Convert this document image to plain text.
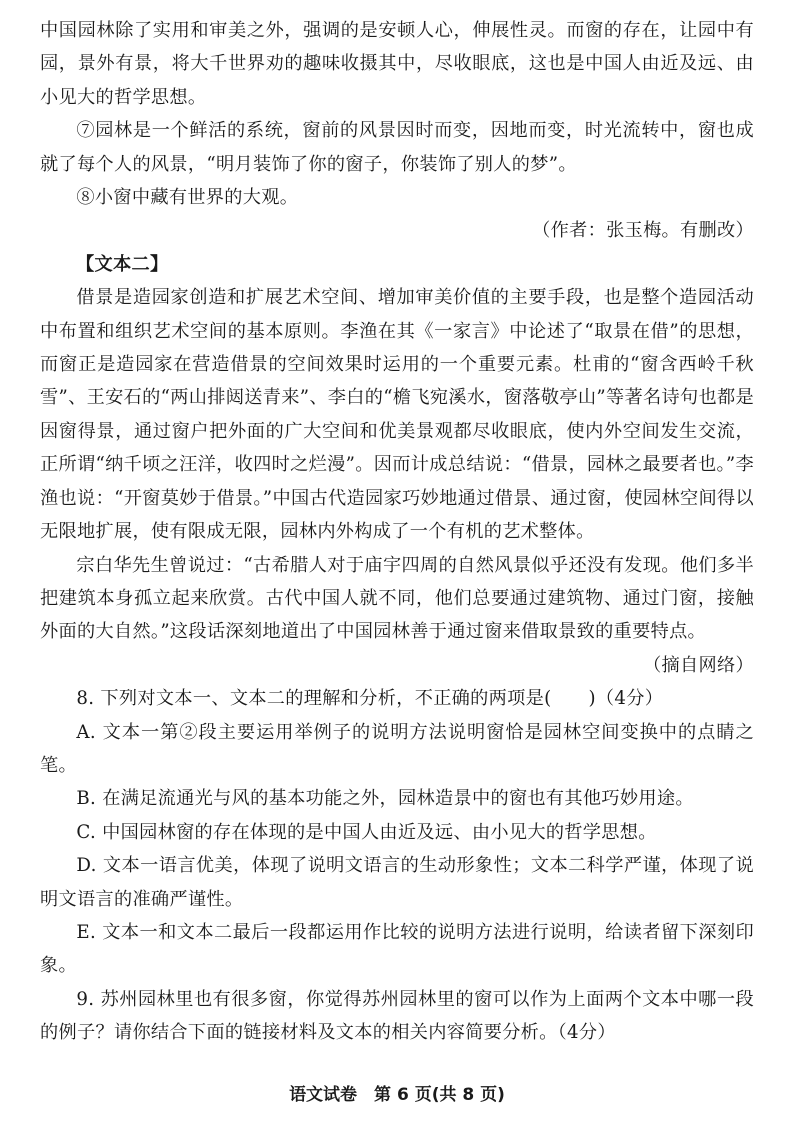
中国园林除了实用和审美之外，强调的是安顿人心，伸展性灵。而窗的存在，让园中有园，景外有景，将大千世界劝的趣味收摄其中，尽收眼底，这也是中国人由近及远、由小见大的哲学思想。

⑦园林是一个鲜活的系统，窗前的风景因时而变，因地而变，时光流转中，窗也成就了每个人的风景，“明月装饰了你的窗子，你装饰了别人的梦”。

⑧小窗中藏有世界的大观。

（作者：张玉梅。有删改）

【文本二】

借景是造园家创造和扩展艺术空间、增加审美价值的主要手段，也是整个造园活动中布置和组织艺术空间的基本原则。李渔在其《一家言》中论述了“取景在借”的思想，而窗正是造园家在营造借景的空间效果时运用的一个重要元素。杜甫的“窗含西岭千秋雪”、王安石的“两山排闼送青来”、李白的“檐飞宛溪水，窗落敬亭山”等著名诗句也都是因窗得景，通过窗户把外面的广大空间和优美景观都尽收眼底，使内外空间发生交流，正所谓“纳千顷之汪洋，收四时之烂漫”。因而计成总结说：“借景，园林之最要者也。”李渔也说：“开窗莫妙于借景。”中国古代造园家巧妙地通过借景、通过窗，使园林空间得以无限地扩展，使有限成无限，园林内外构成了一个有机的艺术整体。

宗白华先生曾说过：“古希腊人对于庙宇四周的自然风景似乎还没有发现。他们多半把建筑本身孤立起来欣赏。古代中国人就不同，他们总要通过建筑物、通过门窗，接触外面的大自然。”这段话深刻地道出了中国园林善于通过窗来借取景致的重要特点。

（摘自网络）

8. 下列对文本一、文本二的理解和分析，不正确的两项是(　　)（4分）

A. 文本一第②段主要运用举例子的说明方法说明窗恰是园林空间变换中的点睛之笔。

B. 在满足流通光与风的基本功能之外，园林造景中的窗也有其他巧妙用途。

C. 中国园林窗的存在体现的是中国人由近及远、由小见大的哲学思想。

D. 文本一语言优美，体现了说明文语言的生动形象性；文本二科学严谨，体现了说明文语言的准确严谨性。

E. 文本一和文本二最后一段都运用作比较的说明方法进行说明，给读者留下深刻印象。

9. 苏州园林里也有很多窗，你觉得苏州园林里的窗可以作为上面两个文本中哪一段的例子？请你结合下面的链接材料及文本的相关内容简要分析。（4分）

语文试卷　第 6 页(共 8 页)
